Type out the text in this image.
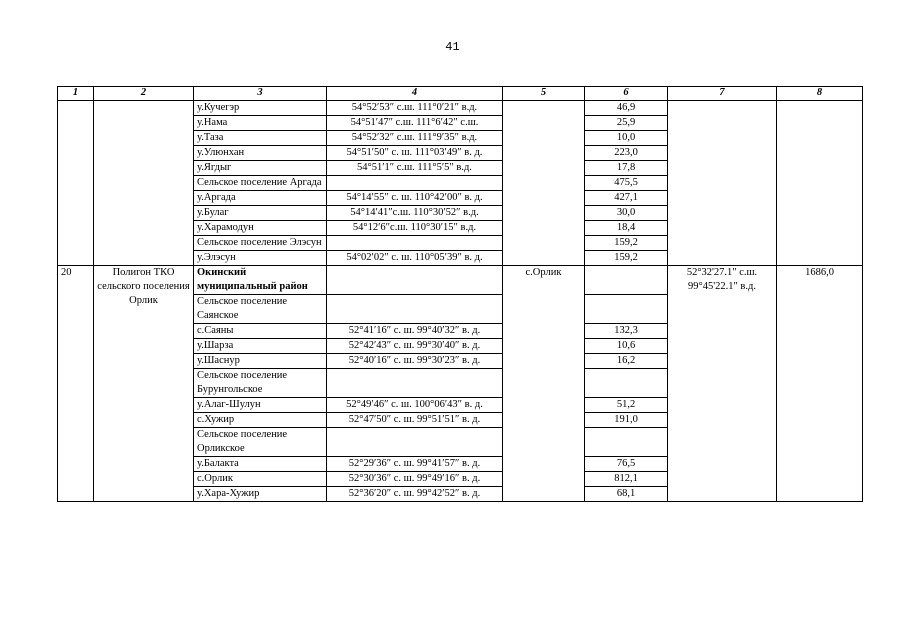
41
1	2	3	4	5	6	7	8
		у.Кучегэр	54°52′53″ с.ш. 111°0′21″ в.д.		46,9		
		у.Нама	54°51′47″ с.ш. 111°6′42″ с.ш.		25,9		
		у.Таза	54°52′32″ с.ш. 111°9′35″ в.д.		10,0		
		у.Улюнхан	54°51′50″ с. ш. 111°03′49″ в. д.		223,0		
		у.Ягдыг	54°51′1″ с.ш. 111°5′5″ в.д.		17,8		
		Сельское поселение Аргада			475,5		
		у.Аргада	54°14′55″ с. ш. 110°42′00″ в. д.		427,1		
		у.Булаг	54°14′41″с.ш. 110°30′52″ в.д.		30,0		
		у.Харамодун	54°12′6″с.ш. 110°30′15″ в.д.		18,4		
		Сельское поселение Элэсун			159,2		
		у.Элэсун	54°02′02″ с. ш. 110°05′39″ в. д.		159,2		
20	Полигон ТКО сельского поселения Орлик	Окинский муниципальный район		с.Орлик		52°32'27.1" с.ш. 99°45'22.1" в.д.	1686,0
		Сельское поселение Саянское					
		с.Саяны	52°41′16″ с. ш. 99°40′32″ в. д.		132,3		
		у.Шарза	52°42′43″ с. ш. 99°30′40″ в. д.		10,6		
		у.Шаснур	52°40′16″ с. ш. 99°30′23″ в. д.		16,2		
		Сельское поселение Бурунгольское					
		у.Алаг-Шулун	52°49′46″ с. ш. 100°06′43″ в. д.		51,2		
		с.Хужир	52°47′50″ с. ш. 99°51′51″ в. д.		191,0		
		Сельское поселение Орликское					
		у.Балакта	52°29′36″ с. ш. 99°41′57″ в. д.		76,5		
		с.Орлик	52°30′36″ с. ш. 99°49′16″ в. д.		812,1		
		у.Хара-Хужир	52°36′20″ с. ш. 99°42′52″ в. д.		68,1		
